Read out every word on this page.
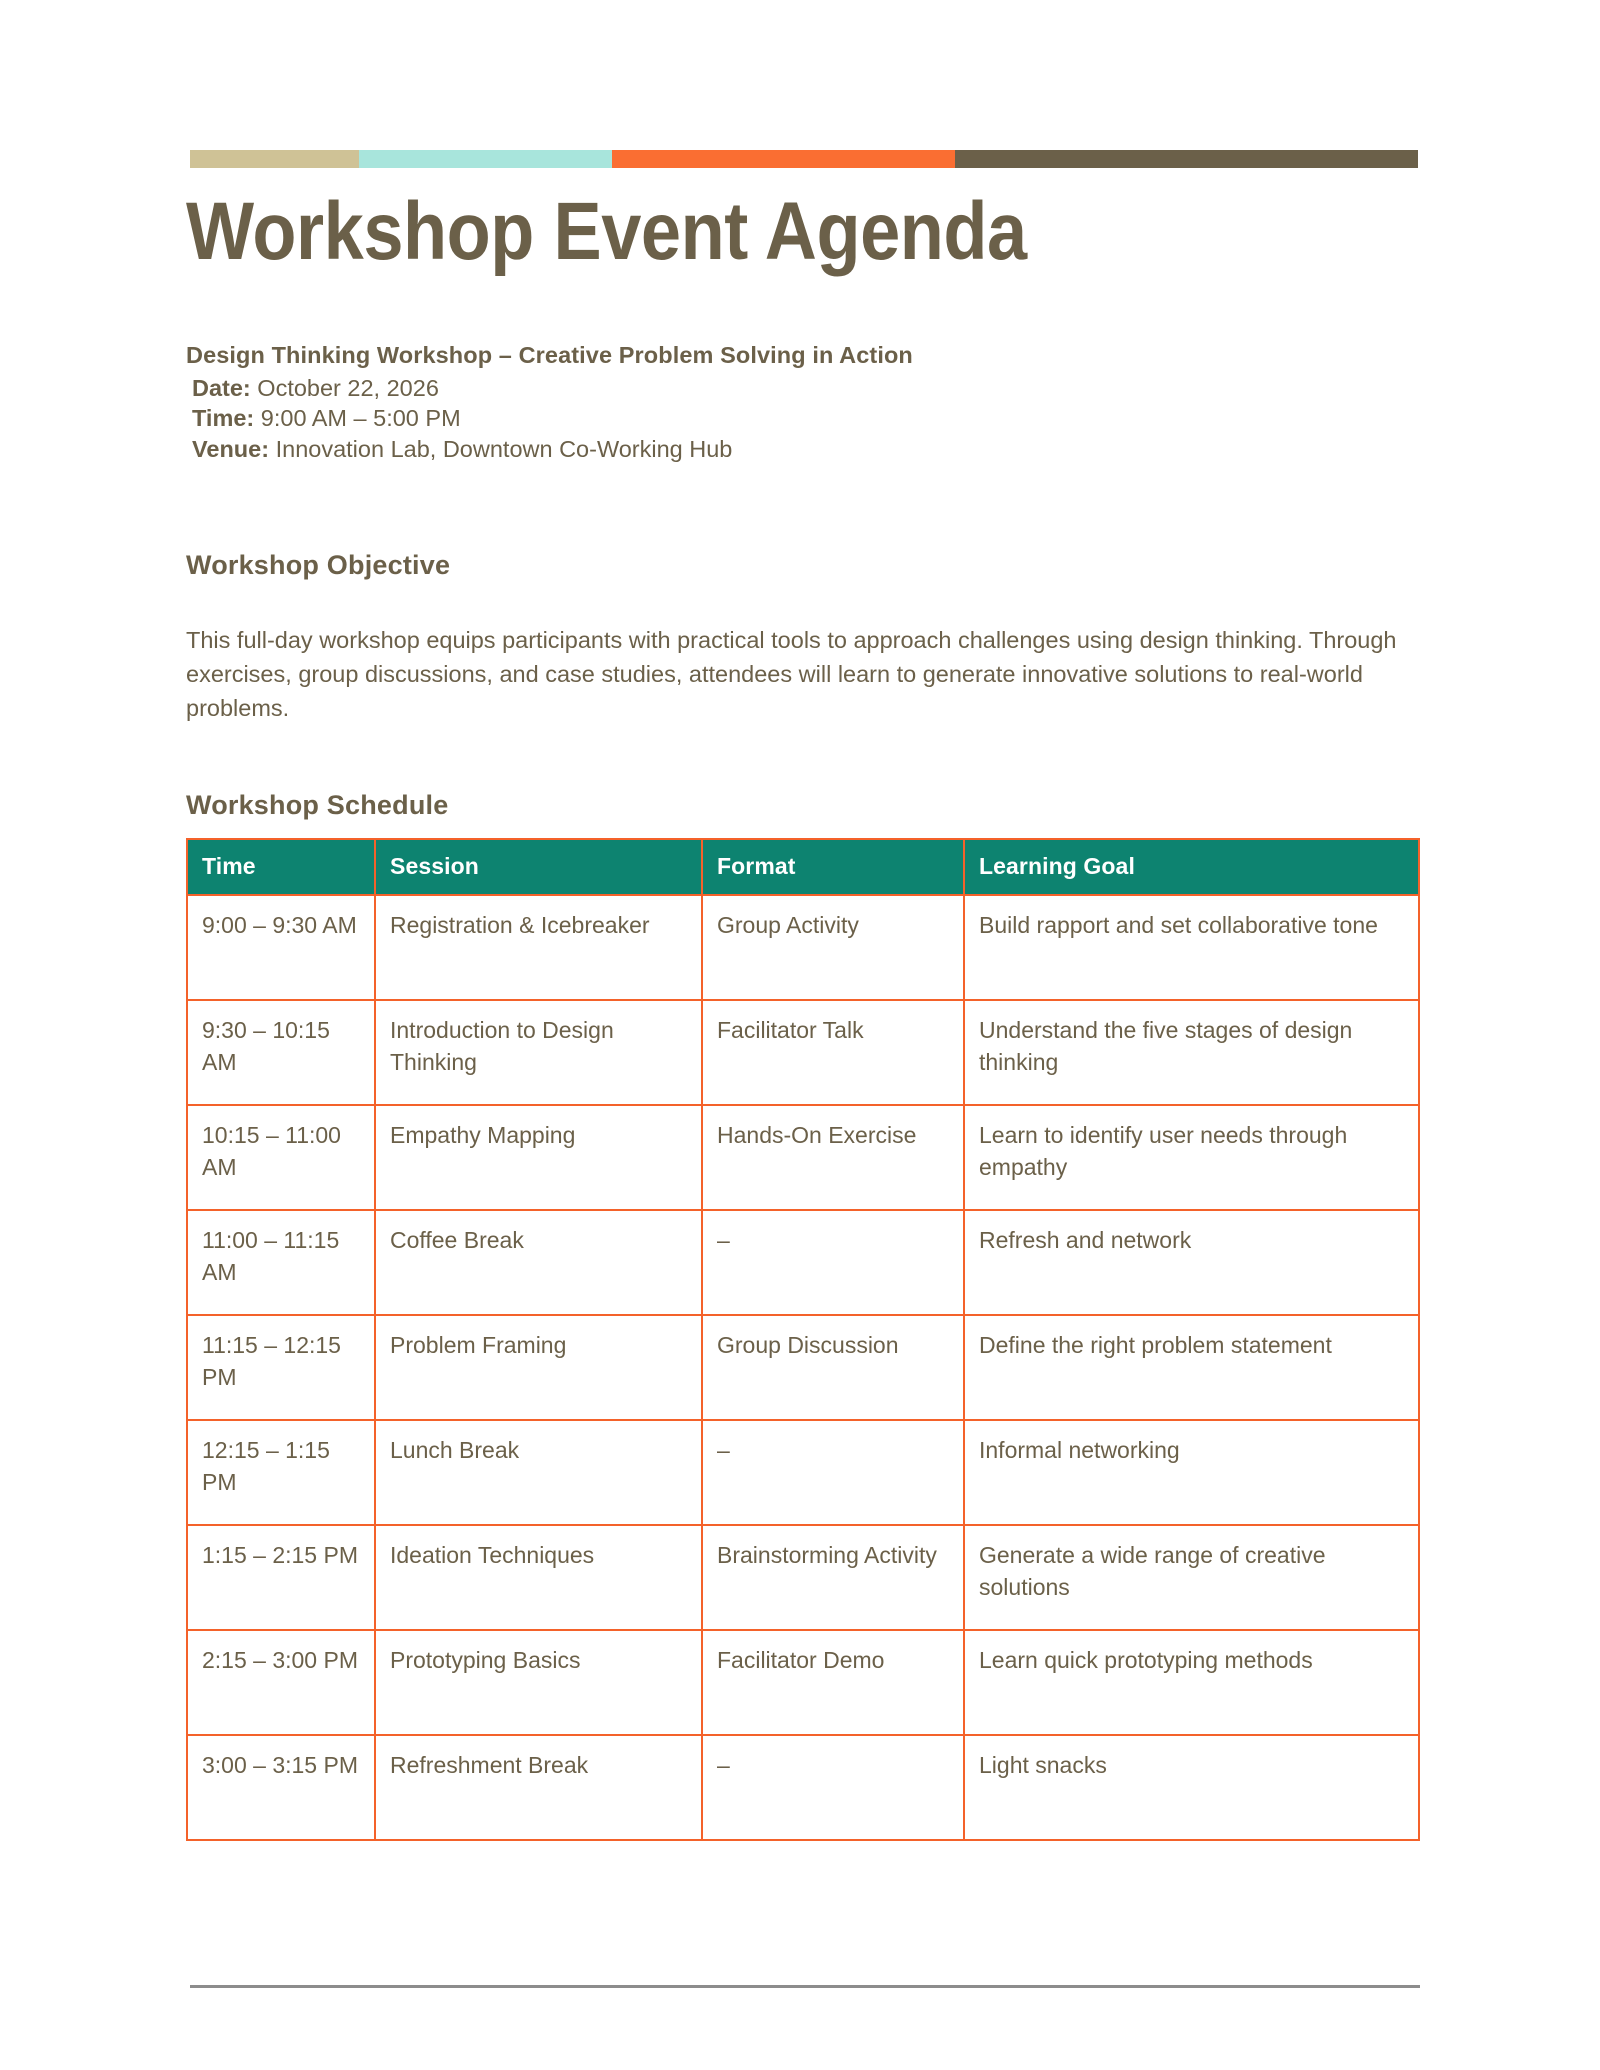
Workshop Event Agenda
Design Thinking Workshop – Creative Problem Solving in Action
Date: October 22, 2026
Time: 9:00 AM – 5:00 PM
Venue: Innovation Lab, Downtown Co-Working Hub
Workshop Objective
This full-day workshop equips participants with practical tools to approach challenges using design thinking. Through exercises, group discussions, and case studies, attendees will learn to generate innovative solutions to real-world problems.
Workshop Schedule
Time	Session	Format	Learning Goal
9:00 – 9:30 AM	Registration & Icebreaker	Group Activity	Build rapport and set collaborative tone
9:30 – 10:15 AM	Introduction to Design Thinking	Facilitator Talk	Understand the five stages of design thinking
10:15 – 11:00 AM	Empathy Mapping	Hands-On Exercise	Learn to identify user needs through empathy
11:00 – 11:15 AM	Coffee Break	–	Refresh and network
11:15 – 12:15 PM	Problem Framing	Group Discussion	Define the right problem statement
12:15 – 1:15 PM	Lunch Break	–	Informal networking
1:15 – 2:15 PM	Ideation Techniques	Brainstorming Activity	Generate a wide range of creative solutions
2:15 – 3:00 PM	Prototyping Basics	Facilitator Demo	Learn quick prototyping methods
3:00 – 3:15 PM	Refreshment Break	–	Light snacks
